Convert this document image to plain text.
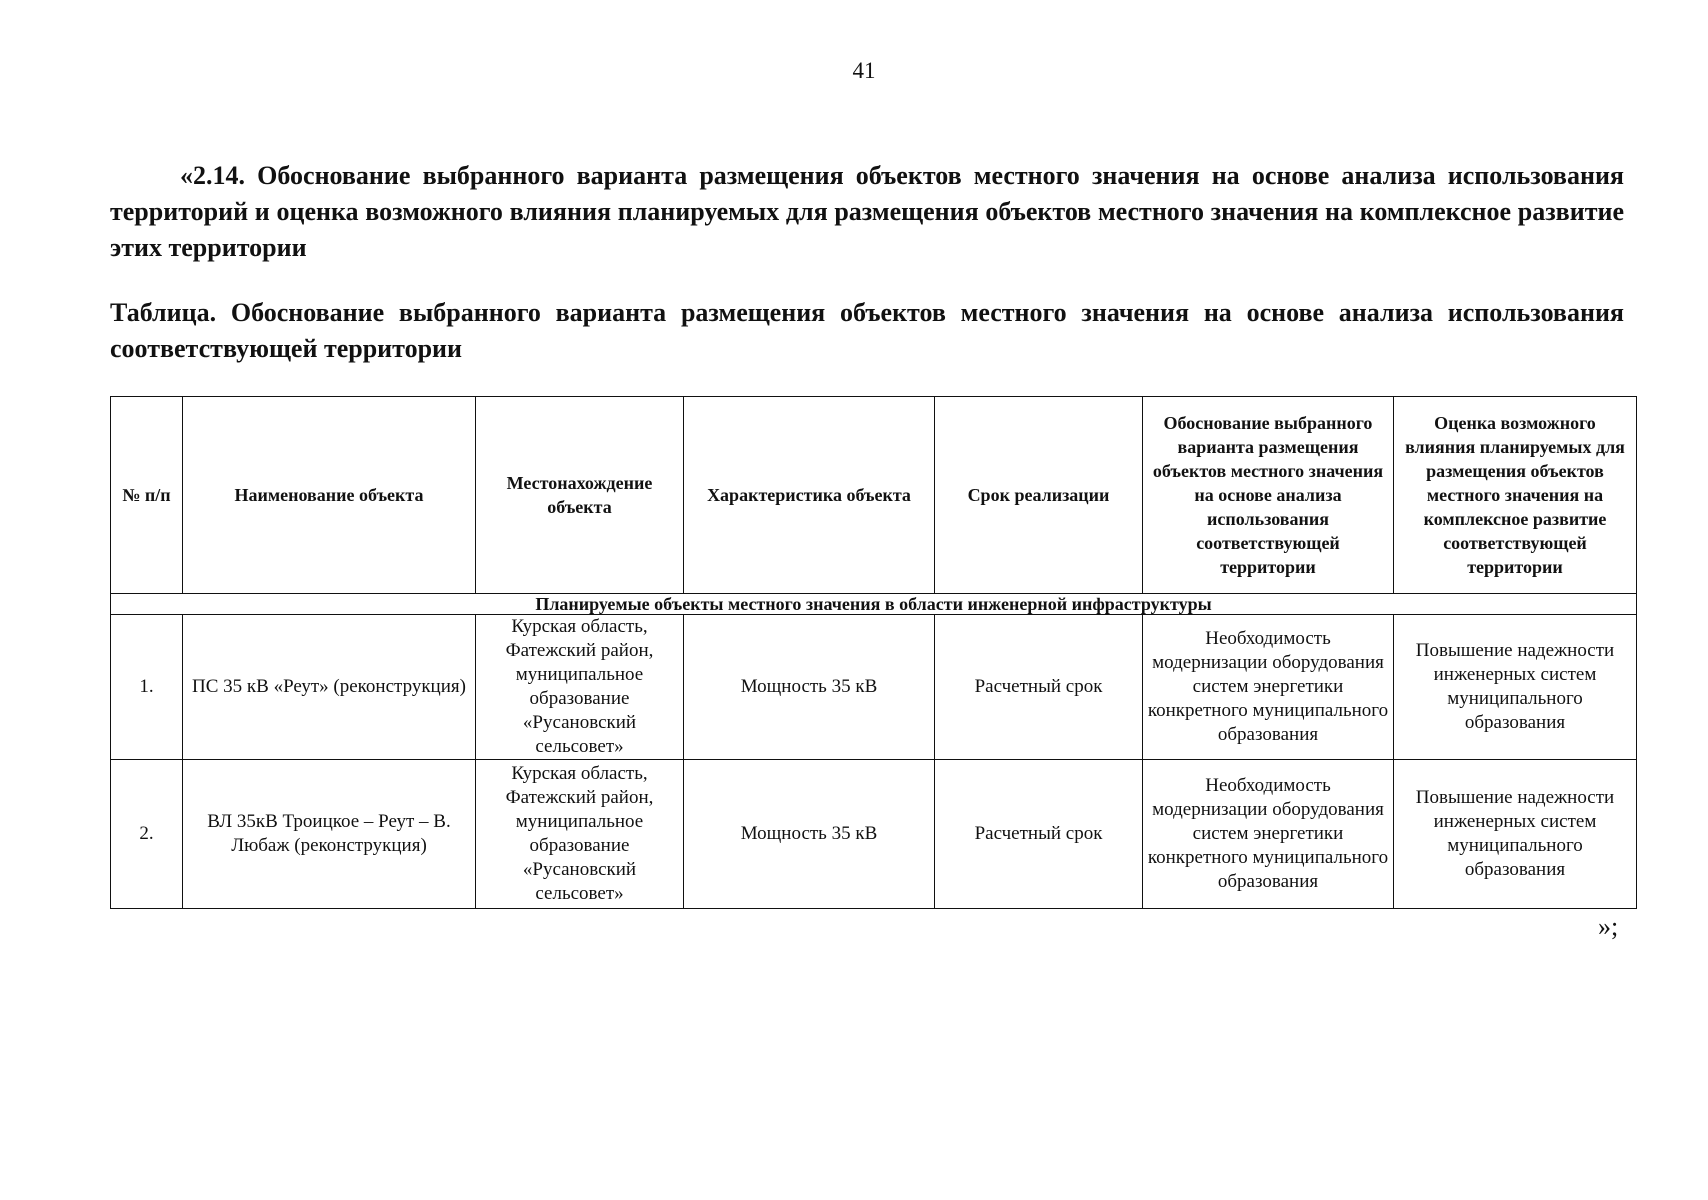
41

«2.14. Обоснование выбранного варианта размещения объектов местного значения на основе анализа использования территорий и оценка возможного влияния планируемых для размещения объектов местного значения на комплексное развитие этих территории

Таблица. Обоснование выбранного варианта размещения объектов местного значения на основе анализа использования соответствующей территории

№ п/п	Наименование объекта	Местонахождение объекта	Характеристика объекта	Срок реализации	Обоснование выбранного варианта размещения объектов местного значения на основе анализа использования соответствующей территории	Оценка возможного влияния планируемых для размещения объектов местного значения на комплексное развитие соответствующей территории
Планируемые объекты местного значения в области инженерной инфраструктуры						
1.	ПС 35 кВ «Реут» (реконструкция)	Курская область, Фатежский район, муниципальное образование «Русановский сельсовет»	Мощность 35 кВ	Расчетный срок	Необходимость модернизации оборудования систем энергетики конкретного муниципального образования	Повышение надежности инженерных систем муниципального образования
2.	ВЛ 35кВ Троицкое – Реут – В. Любаж (реконструкция)	Курская область, Фатежский район, муниципальное образование «Русановский сельсовет»	Мощность 35 кВ	Расчетный срок	Необходимость модернизации оборудования систем энергетики конкретного муниципального образования	Повышение надежности инженерных систем муниципального образования
»;
